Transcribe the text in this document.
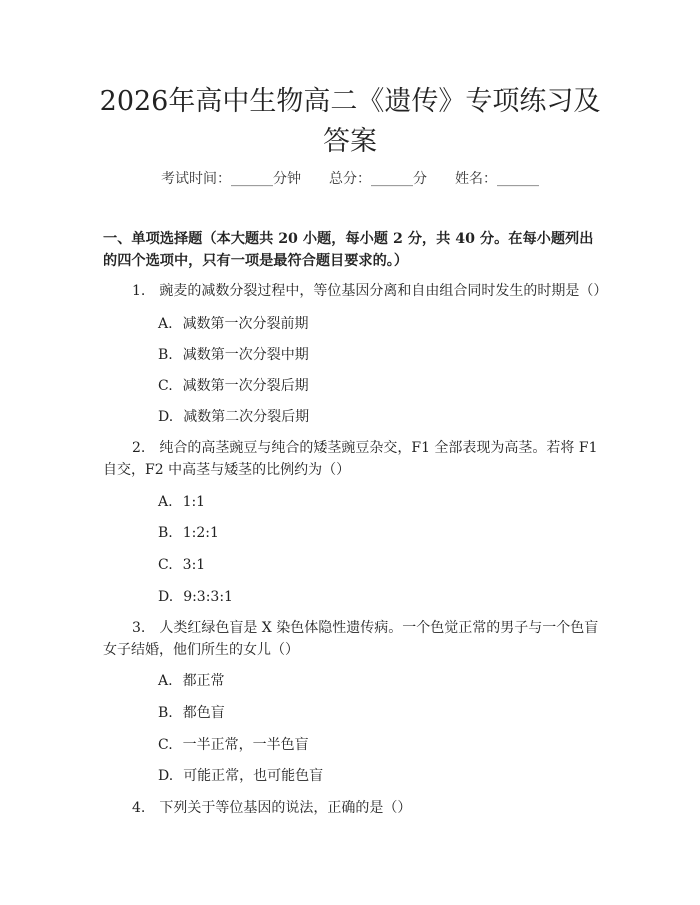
2026年高中生物高二《遗传》专项练习及答案
考试时间：______分钟 总分：______分 姓名：______

一、单项选择题（本大题共 20 小题，每小题 2 分，共 40 分。在每小题列出的四个选项中，只有一项是最符合题目要求的。）

1.　豌麦的减数分裂过程中，等位基因分离和自由组合同时发生的时期是（）

A. 减数第一次分裂前期

B. 减数第一次分裂中期

C. 减数第一次分裂后期

D. 减数第二次分裂后期

2.　纯合的高茎豌豆与纯合的矮茎豌豆杂交，F1 全部表现为高茎。若将 F1 自交，F2 中高茎与矮茎的比例约为（）

A. 1:1

B. 1:2:1

C. 3:1

D. 9:3:3:1

3.　人类红绿色盲是 X 染色体隐性遗传病。一个色觉正常的男子与一个色盲女子结婚，他们所生的女儿（）

A. 都正常

B. 都色盲

C. 一半正常，一半色盲

D. 可能正常，也可能色盲

4.　下列关于等位基因的说法，正确的是（）
